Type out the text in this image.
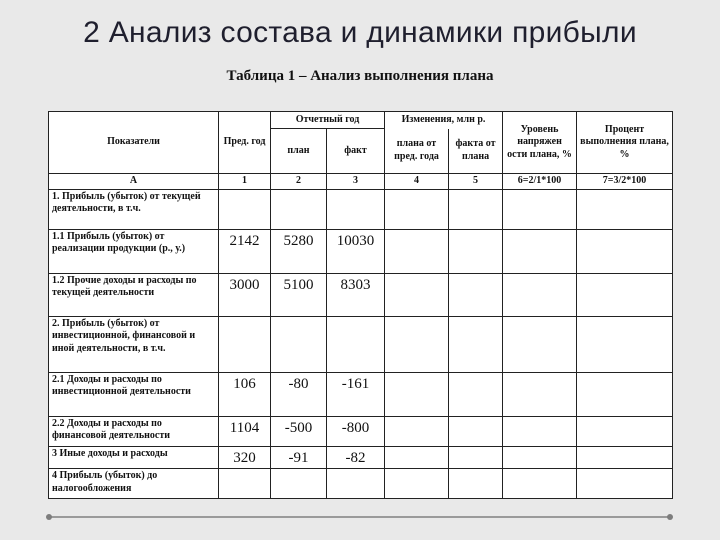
2 Анализ состава и динамики прибыли
Таблица 1 – Анализ выполнения плана
Показатели	Пред. год	Отчетный год		Изменения, млн р.		Уровень напряжен ости плана, %	Процент выполнения плана, %
		план	факт	плана от пред. года	факта от плана		
А	1	2	3	4	5	6=2/1*100	7=3/2*100
1. Прибыль (убыток) от текущей деятельности, в т.ч.							
1.1 Прибыль (убыток) от реализации продукции (р., у.)	2142	5280	10030				
1.2 Прочие доходы и расходы по текущей деятельности	3000	5100	8303				
2. Прибыль (убыток) от инвестиционной, финансовой и иной деятельности, в т.ч.							
2.1 Доходы и расходы по инвестиционной деятельности	106	-80	-161				
2.2 Доходы и расходы по финансовой деятельности	1104	-500	-800				
3 Иные доходы и расходы	320	-91	-82				
4 Прибыль (убыток) до налогообложения							
